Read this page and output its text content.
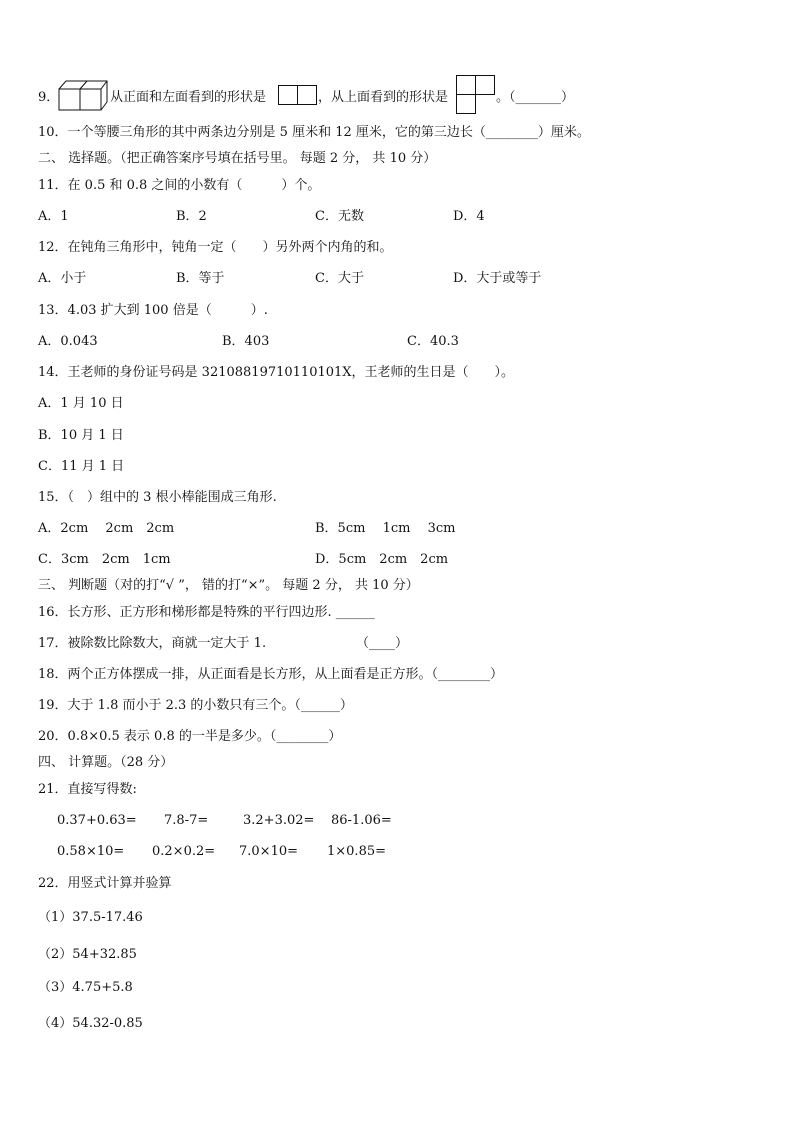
9．	从正面和左面看到的形状是	，从上面看到的形状是	。（_______）
10．一个等腰三角形的其中两条边分别是 5 厘米和 12 厘米，它的第三边长（________）厘米。
二、 选择题。（把正确答案序号填在括号里。 每题 2 分， 共 10 分）
11．在 0.5 和 0.8 之间的小数有（　　　）个。
A．1	B．2	C．无数	D．4
12．在钝角三角形中，钝角一定（　　）另外两个内角的和。
A．小于	B．等于	C．大于	D．大于或等于
13．4.03 扩大到 100 倍是（　　　）.
A．0.043	B．403	C．40.3
14．王老师的身份证号码是 32108819710110101X，王老师的生日是（　　）。
A．1 月 10 日
B．10 月 1 日
C．11 月 1 日
15．（　）组中的 3 根小棒能围成三角形.
A．2cm　 2cm　2cm	B．5cm　 1cm　 3cm
C．3cm　2cm　1cm	D．5cm　2cm　2cm
三、 判断题（对的打“√ ”， 错的打“×”。 每题 2 分， 共 10 分）
16．长方形、正方形和梯形都是特殊的平行四边形. ______
17．被除数比除数大，商就一定大于 1.	（____）
18．两个正方体摆成一排，从正面看是长方形，从上面看是正方形。（________）
19．大于 1.8 而小于 2.3 的小数只有三个。（______）
20．0.8×0.5 表示 0.8 的一半是多少。（________）
四、 计算题。（28 分）
21．直接写得数:
0.37+0.63= 7.8-7=	3.2+3.02= 86-1.06=
0.58×10= 0.2×0.2= 7.0×10= 1×0.85=
22．用竖式计算并验算
（1）37.5-17.46
（2）54+32.85
（3）4.75+5.8
（4）54.32-0.85
